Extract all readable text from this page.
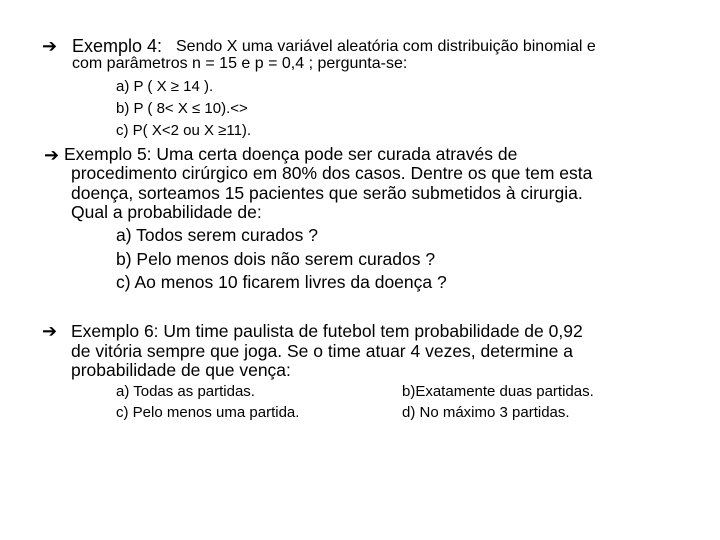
➔ Exemplo 4: Sendo X uma variável aleatória com distribuição binomial e
com parâmetros n = 15 e p = 0,4 ; pergunta-se:
a) P ( X ≥ 14 ).
b) P ( 8< X ≤ 10).<>
c) P( X<2 ou X ≥11).
➔ Exemplo 5: Uma certa doença pode ser curada através de
procedimento cirúrgico em 80% dos casos. Dentre os que tem esta
doença, sorteamos 15 pacientes que serão submetidos à cirurgia.
Qual a probabilidade de:
a) Todos serem curados ?
b) Pelo menos dois não serem curados ?
c) Ao menos 10 ficarem livres da doença ?
➔ Exemplo 6: Um time paulista de futebol tem probabilidade de 0,92
de vitória sempre que joga. Se o time atuar 4 vezes, determine a
probabilidade de que vença:
a) Todas as partidas.	b)Exatamente duas partidas.
c) Pelo menos uma partida.	d) No máximo 3 partidas.
